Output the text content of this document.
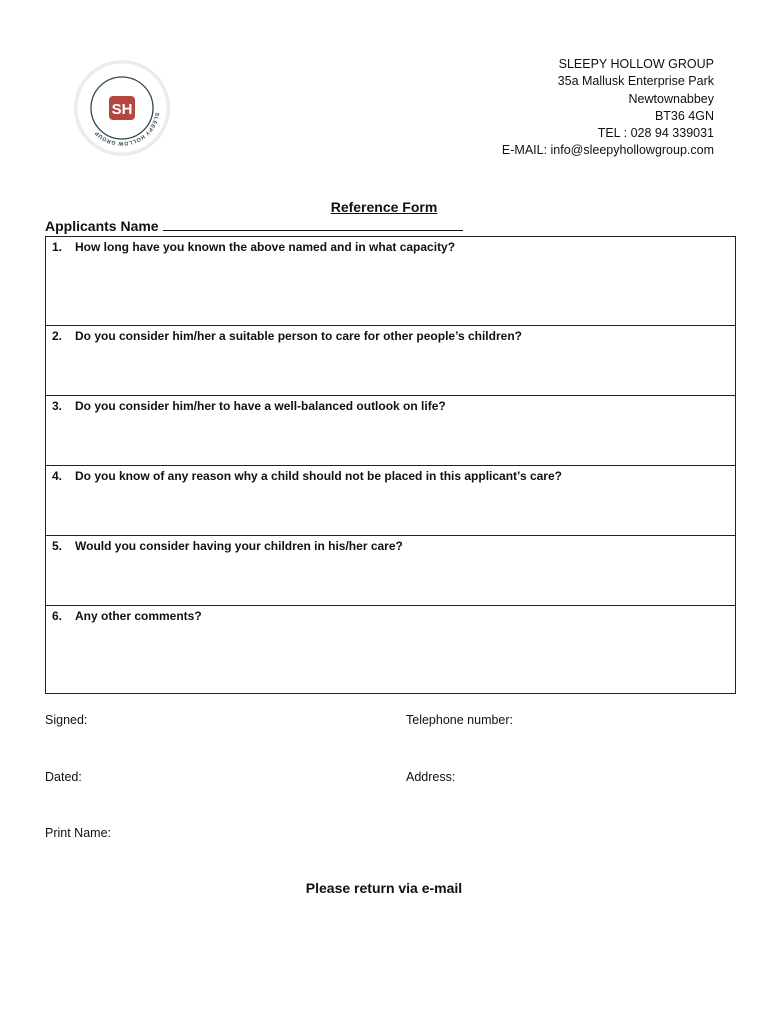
SLEEPY HOLLOW GROUP
SH
SLEEPY HOLLOW GROUP
35a Mallusk Enterprise Park
Newtownabbey
BT36 4GN
TEL : 028 94 339031
E-MAIL: info@sleepyhollowgroup.com
Reference Form
Applicants Name
1. How long have you known the above named and in what capacity?
2. Do you consider him/her a suitable person to care for other people’s children?
3. Do you consider him/her to have a well-balanced outlook on life?
4. Do you know of any reason why a child should not be placed in this applicant’s care?
5. Would you consider having your children in his/her care?
6. Any other comments?
Signed:	Telephone number:
Dated:	Address:
Print Name:
Please return via e-mail
